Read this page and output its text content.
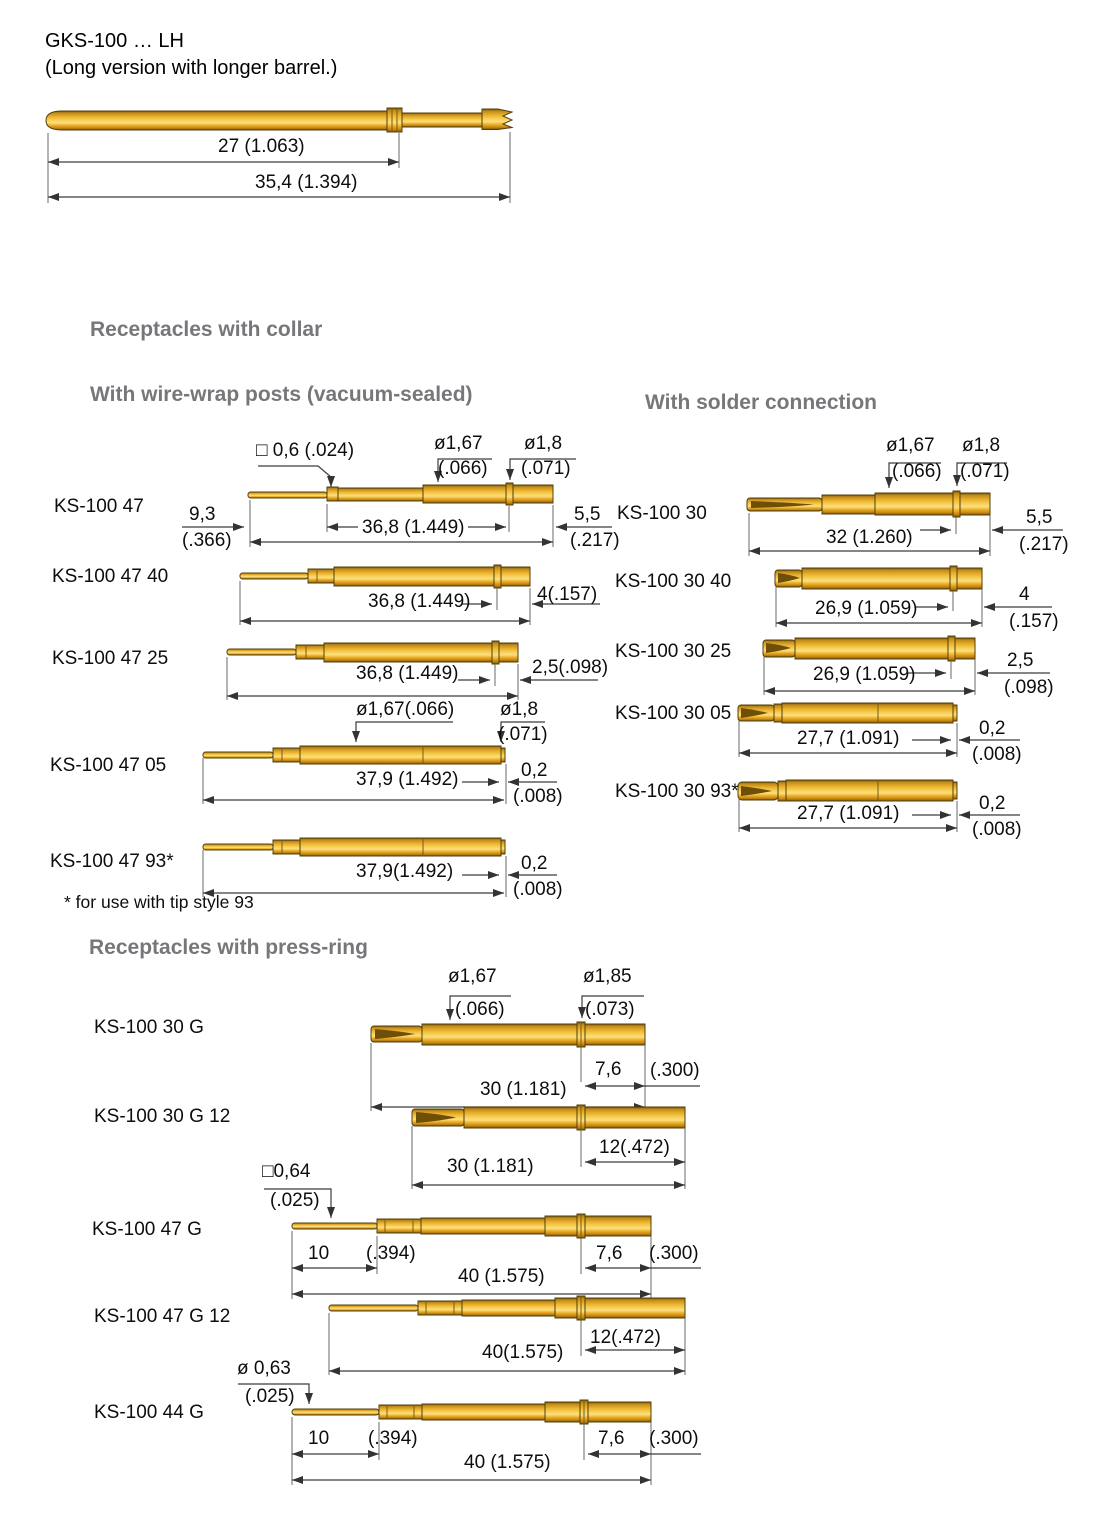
GKS-100 … LH
(Long version with longer barrel.)
27 (1.063)
35,4 (1.394)
Receptacles with collar
With wire-wrap posts (vacuum-sealed)	With solder connection
KS-100 47
□ 0,6 (.024)	ø1,67
(.066)
ø1,8
(.071)
9,3
(.366)
36,8 (1.449)
5,5
(.217)
KS-100 47 40
36,8 (1.449)	4(.157)
KS-100 47 25
36,8 (1.449)	2,5(.098)
KS-100 47 05
ø1,67(.066) ø1,8
(.071)
37,9 (1.492)	0,2
(.008)
KS-100 47 93*	37,9(1.492)	0,2
(.008)
* for use with tip style 93
KS-100 30
ø1,67
(.066)
ø1,8
(.071)
32 (1.260)
5,5
(.217)
KS-100 30 40
26,9 (1.059)
4
(.157)
KS-100 30 25
26,9 (1.059)
2,5
(.098)
KS-100 30 05
27,7 (1.091)	0,2
(.008)
KS-100 30 93*
27,7 (1.091)	0,2
(.008)
Receptacles with press-ring
KS-100 30 G
ø1,67
(.066)
ø1,85
(.073)
30 (1.181)
7,6 (.300)
KS-100 30 G 12
30 (1.181)
12(.472)
□0,64
(.025)
KS-100 47 G
10 (.394)
40 (1.575)
7,6 (.300)
KS-100 47 G 12
40(1.575)
12(.472)
ø 0,63
(.025)
KS-100 44 G
10 (.394)
40 (1.575)
7,6 (.300)
